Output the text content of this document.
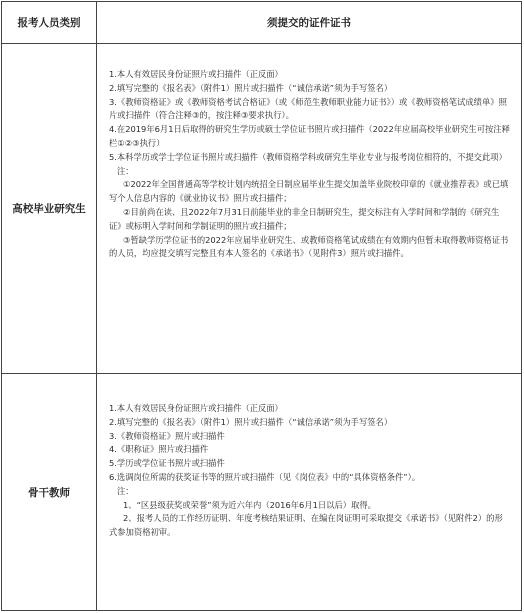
报考人员类别	须提交的证件证书
高校毕业研究生

1.本人有效居民身份证照片或扫描件（正反面）

2.填写完整的《报名表》（附件1）照片或扫描件（“诚信承诺”须为手写签名）

3.《教师资格证》或《教师资格考试合格证》（或《师范生教师职业能力证书》）或《教师资格笔试成绩单》照片或扫描件（符合注释③的，按注释③要求执行）。

4.在2019年6月1日后取得的研究生学历或硕士学位证书照片或扫描件（2022年应届高校毕业研究生可按注释栏①②③执行）

5.本科学历或学士学位证书照片或扫描件（教师资格学科或研究生毕业专业与报考岗位相符的，不提交此项）

注：

①2022年全国普通高等学校计划内统招全日制应届毕业生提交加盖毕业院校印章的《就业推荐表》或已填写个人信息内容的《就业协议书》照片或扫描件；

②目前尚在读、且2022年7月31日前能毕业的非全日制研究生，提交标注有入学时间和学制的《研究生证》或标明入学时间和学制证明的照片或扫描件；

③暂缺学历学位证书的2022年应届毕业研究生、或教师资格笔试成绩在有效期内但暂未取得教师资格证书的人员，均应提交填写完整且有本人签名的《承诺书》（见附件3）照片或扫描件。

骨干教师

1.本人有效居民身份证照片或扫描件（正反面）

2.填写完整的《报名表》（附件1）照片或扫描件（“诚信承诺”须为手写签名）

3.《教师资格证》照片或扫描件

4.《职称证》照片或扫描件

5.学历或学位证书照片或扫描件

6.选调岗位所需的获奖证书等的照片或扫描件（见《岗位表》中的“具体资格条件”）。

注：

1、“区县级获奖或荣誉”须为近六年内（2016年6月1日以后）取得。

2、报考人员的工作经历证明、年度考核结果证明、在编在岗证明可采取提交《承诺书》（见附件2）的形式参加资格初审。
